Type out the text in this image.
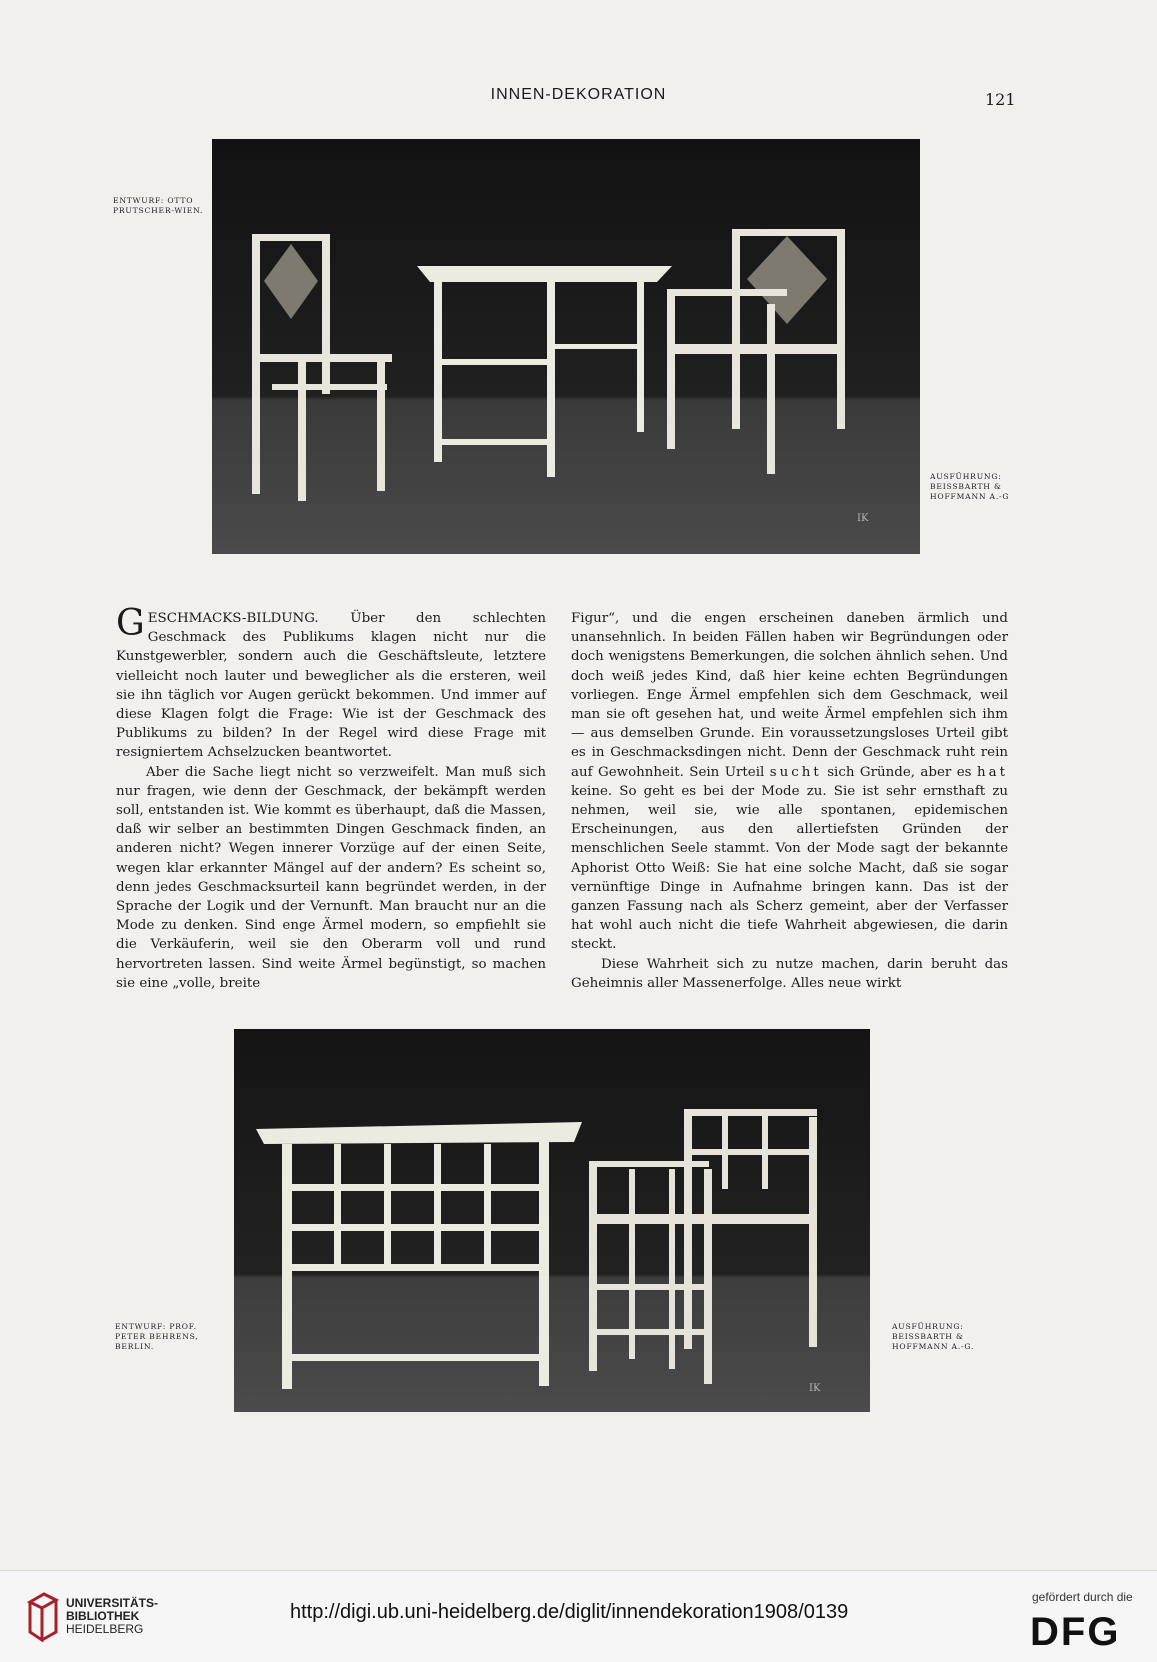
INNEN-DEKORATION	121
ENTWURF: OTTO
PRUTSCHER-WIEN.
AUSFÜHRUNG:
BEISSBARTH &
HOFFMANN A.-G
IK

G ESCHMACKS-BILDUNG. Über den schlechten Geschmack des Publikums klagen nicht nur die Kunstgewerbler, sondern auch die Geschäftsleute, letztere vielleicht noch lauter und beweglicher als die ersteren, weil sie ihn täglich vor Augen gerückt bekommen. Und immer auf diese Klagen folgt die Frage: Wie ist der Geschmack des Publikums zu bilden? In der Regel wird diese Frage mit resigniertem Achselzucken beantwortet.

Aber die Sache liegt nicht so verzweifelt. Man muß sich nur fragen, wie denn der Geschmack, der bekämpft werden soll, entstanden ist. Wie kommt es überhaupt, daß die Massen, daß wir selber an bestimmten Dingen Geschmack finden, an anderen nicht? Wegen innerer Vorzüge auf der einen Seite, wegen klar erkannter Mängel auf der andern? Es scheint so, denn jedes Geschmacksurteil kann begründet werden, in der Sprache der Logik und der Vernunft. Man braucht nur an die Mode zu denken. Sind enge Ärmel modern, so empfiehlt sie die Verkäuferin, weil sie den Oberarm voll und rund hervortreten lassen. Sind weite Ärmel begünstigt, so machen sie eine „volle, breite

Figur“, und die engen erscheinen daneben ärmlich und unansehnlich. In beiden Fällen haben wir Begründungen oder doch wenigstens Bemerkungen, die solchen ähnlich sehen. Und doch weiß jedes Kind, daß hier keine echten Begründungen vorliegen. Enge Ärmel empfehlen sich dem Geschmack, weil man sie oft gesehen hat, und weite Ärmel empfehlen sich ihm — aus demselben Grunde. Ein voraussetzungsloses Urteil gibt es in Geschmacksdingen nicht. Denn der Geschmack ruht rein auf Gewohnheit. Sein Urteil sucht sich Gründe, aber es hat keine. So geht es bei der Mode zu. Sie ist sehr ernsthaft zu nehmen, weil sie, wie alle spontanen, epidemischen Erscheinungen, aus den allertiefsten Gründen der menschlichen Seele stammt. Von der Mode sagt der bekannte Aphorist Otto Weiß: Sie hat eine solche Macht, daß sie sogar vernünftige Dinge in Aufnahme bringen kann. Das ist der ganzen Fassung nach als Scherz gemeint, aber der Verfasser hat wohl auch nicht die tiefe Wahrheit abgewiesen, die darin steckt.

Diese Wahrheit sich zu nutze machen, darin beruht das Geheimnis aller Massenerfolge. Alles neue wirkt

IK
ENTWURF: PROF.
PETER BEHRENS,
BERLIN.
AUSFÜHRUNG:
BEISSBARTH &
HOFFMANN A.-G.
UNIVERSITÄTS-
BIBLIOTHEK
HEIDELBERG
http://digi.ub.uni-heidelberg.de/diglit/innendekoration1908/0139
gefördert durch die
DFG
